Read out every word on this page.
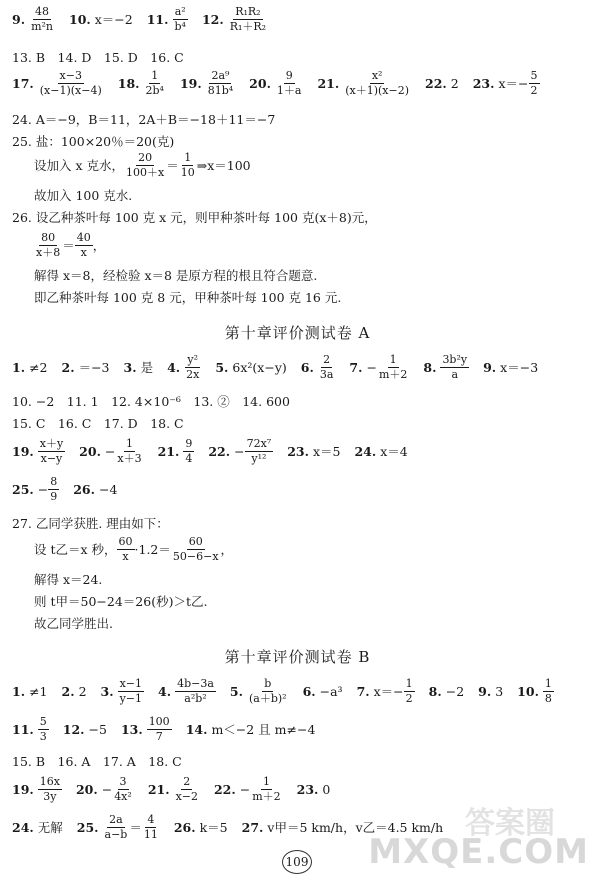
9.
48
m²n 10. x＝−2 11.
a²
b⁴ 12.
R₁R₂
R₁＋R₂
13. B　14. D　15. D　16. C
17.
x−3
(x−1)(x−4) 18.
1
2b⁴ 19.
2a⁹
81b⁴ 20.
9
1＋a 21.
x²
(x＋1)(x−2) 22. 2 23. $x=- \frac{5}{2}$
24. A＝−9，B＝11，2A＋B＝−18＋11＝−7
25. 盐：100×20％＝20(克)
设加入 x 克水，
20
100＋x ＝
1
10 ⇒x＝100
故加入 100 克水.
26. 设乙种茶叶每 100 克 x 元，则甲种茶叶每 100 克(x＋8)元，
80
x＋8 ＝
40
x ，
解得 x＝8，经检验 x＝8 是原方程的根且符合题意.
即乙种茶叶每 100 克 8 元，甲种茶叶每 100 克 16 元.
第十章评价测试卷 A
1. ≠2 2. ＝−3 3. 是 4.
y²
2x 5. 6x²(x−y) 6.
2
3a 7. − $\frac{1}{m+2} 8$.
3b²y
a 9. x＝−3
10. −2　11. 1　12. 4×10⁻⁶　13. ②　14. 600
15. C　16. C　17. D　18. C
19.
x＋y
x−y 20. − $\frac{1}{x+3} 21$.
9
4 22. − $\frac{\text{72x⁷}}{\text{y¹²}} 23$. x＝5 24. x＝4
25. − $\frac{8}{9} 26$. −4
27. 乙同学获胜. 理由如下：
设 t乙＝x 秒，
60
x ·1.2＝
60
50−6−x ，
解得 x＝24.
则 t甲＝50−24＝26(秒)＞t乙.
故乙同学胜出.
第十章评价测试卷 B
1. ≠1 2. 2 3.
x−1
y−1 4.
4b−3a
a²b² 5.
b
(a＋b)² 6. −a³ 7. $x=- \frac{1}{2} 8$. −2 9. 3 10.
1
8
11.
5
3 12. −5 13.
100
7 14. m＜−2 且 m≠−4
15. B　16. A　17. A　18. C
19.
16x
3y 20. − $\frac{3}{\text{4x²}} 21$.
2
x−2 22. − $\frac{1}{m+2} 23$. 0
24. 无解 25.
2a
a−b ＝
4
11 26. k＝5 27. v甲＝5 km/h，v乙＝4.5 km/h
109
答案圈
MXQE.COM
